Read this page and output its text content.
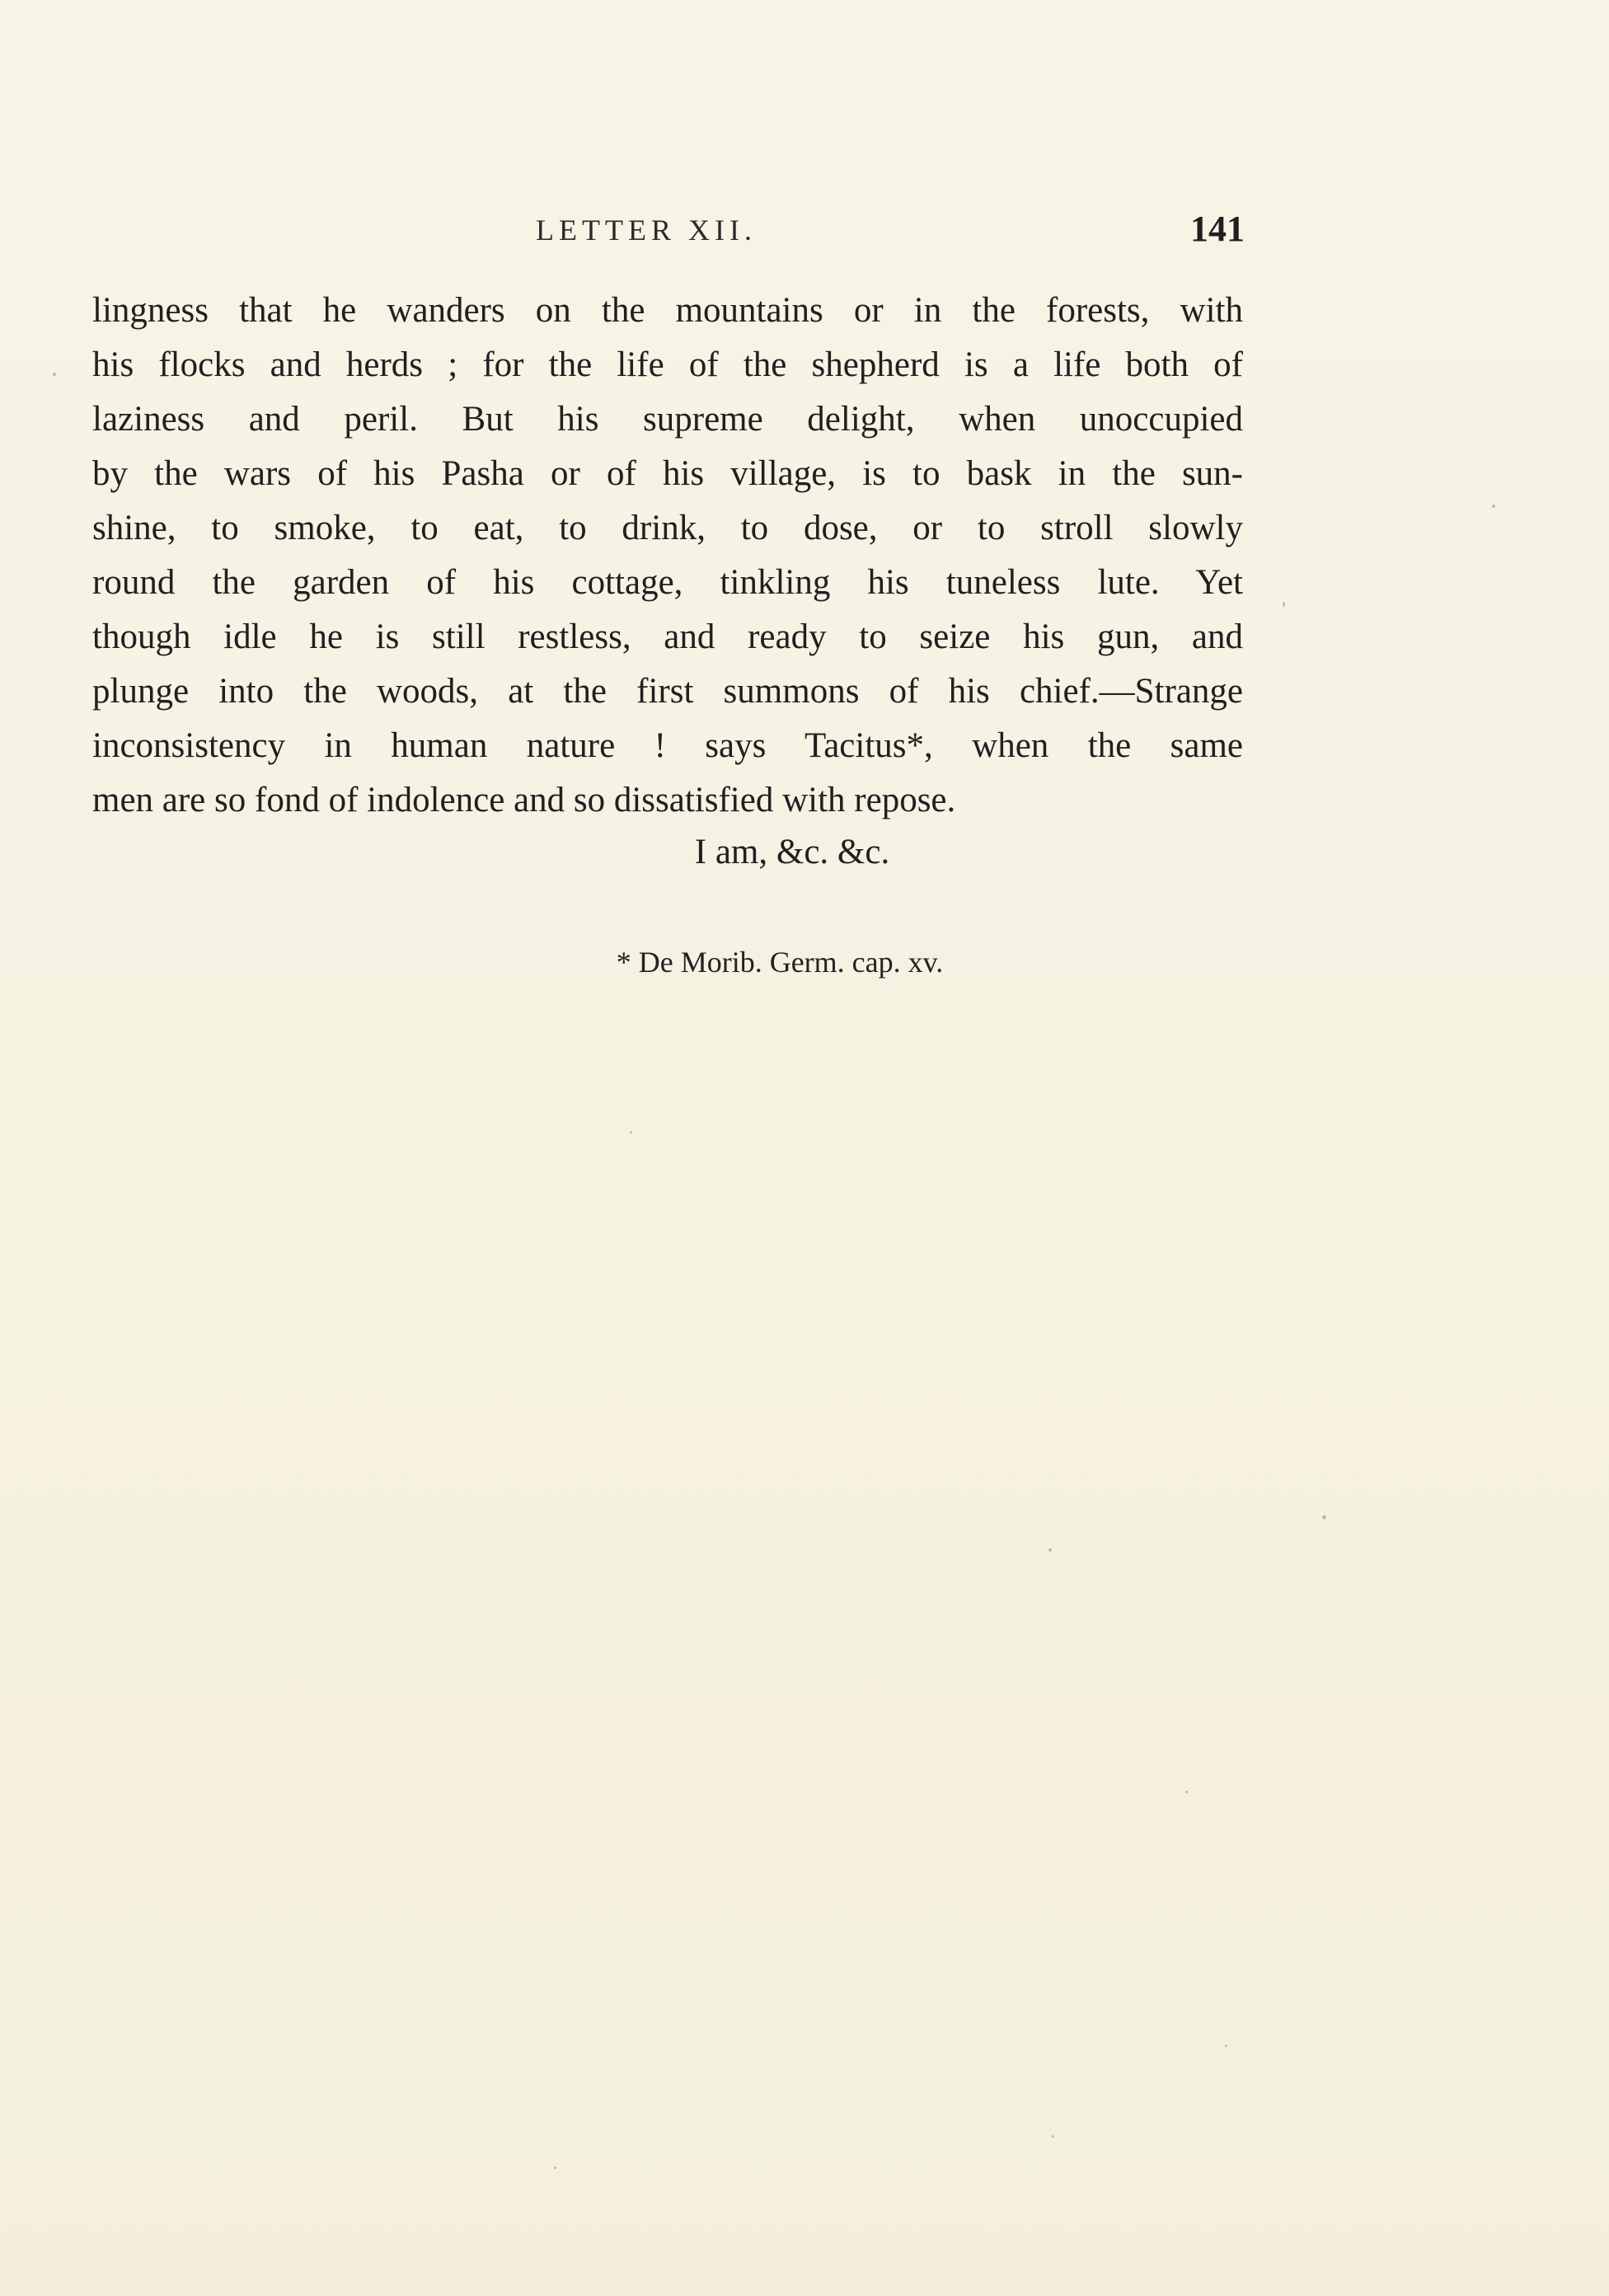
LETTER XII.	141
lingness that he wanders on the mountains or in the forests, with
his flocks and herds ; for the life of the shepherd is a life both of
laziness and peril. But his supreme delight, when unoccupied
by the wars of his Pasha or of his village, is to bask in the sun-
shine, to smoke, to eat, to drink, to dose, or to stroll slowly
round the garden of his cottage, tinkling his tuneless lute. Yet
though idle he is still restless, and ready to seize his gun, and
plunge into the woods, at the first summons of his chief.—Strange
inconsistency in human nature ! says Tacitus*, when the same
men are so fond of indolence and so dissatisfied with repose.
I am, &c. &c.
* De Morib. Germ. cap. xv.
